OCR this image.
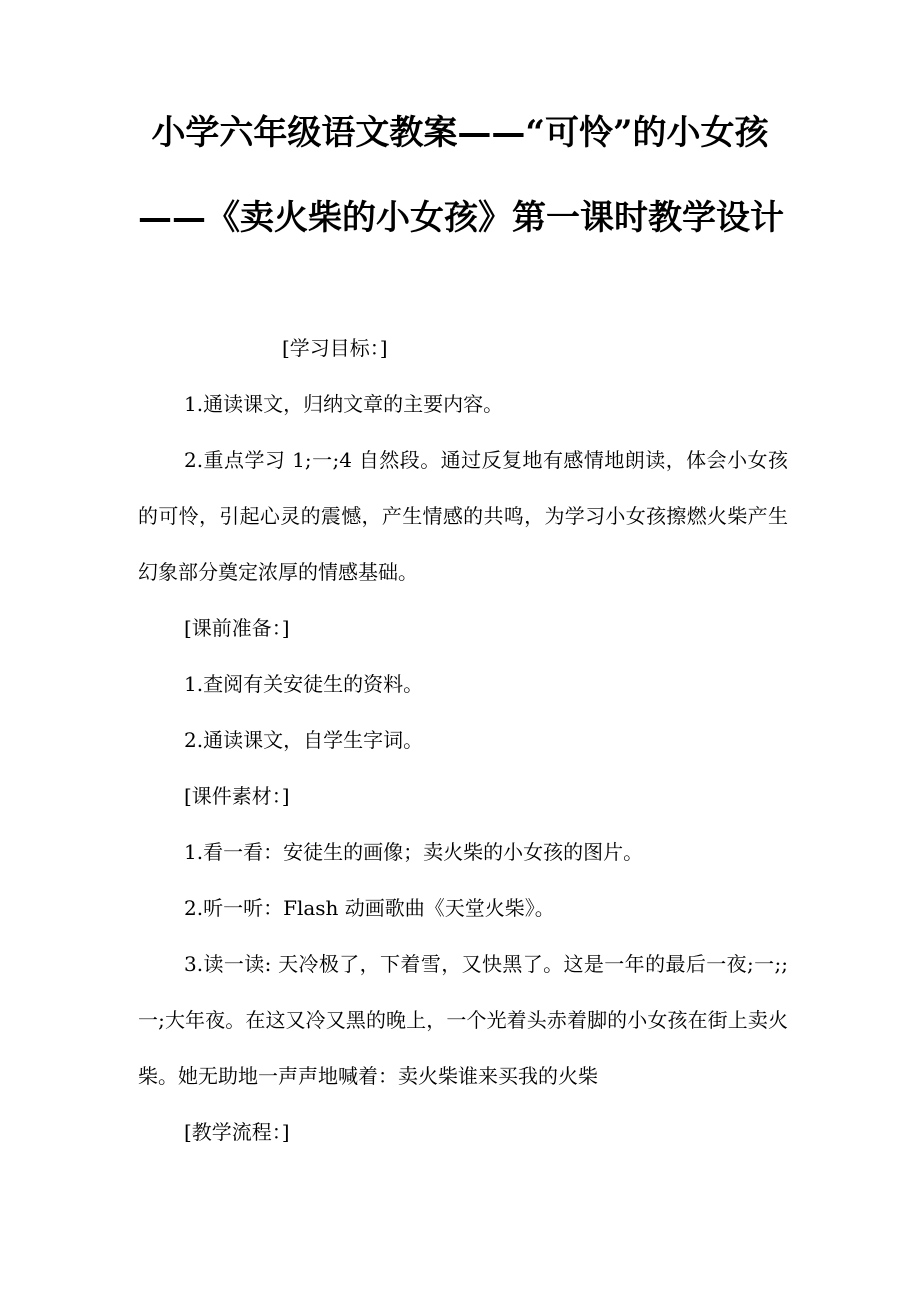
小学六年级语文教案——“可怜”的小女孩
——《卖火柴的小女孩》第一课时教学设计

[学习目标：]

1.通读课文，归纳文章的主要内容。

2.重点学习 1;一;4 自然段。通过反复地有感情地朗读，体会小女孩的可怜，引起心灵的震憾，产生情感的共鸣，为学习小女孩擦燃火柴产生幻象部分奠定浓厚的情感基础。

[课前准备：]

1.查阅有关安徒生的资料。

2.通读课文，自学生字词。

[课件素材：]

1.看一看：安徒生的画像；卖火柴的小女孩的图片。

2.听一听：Flash 动画歌曲《天堂火柴》。

3.读一读: 天冷极了，下着雪，又快黑了。这是一年的最后一夜;一;;一;大年夜。在这又冷又黑的晚上，一个光着头赤着脚的小女孩在街上卖火柴。她无助地一声声地喊着：卖火柴谁来买我的火柴

[教学流程：]
